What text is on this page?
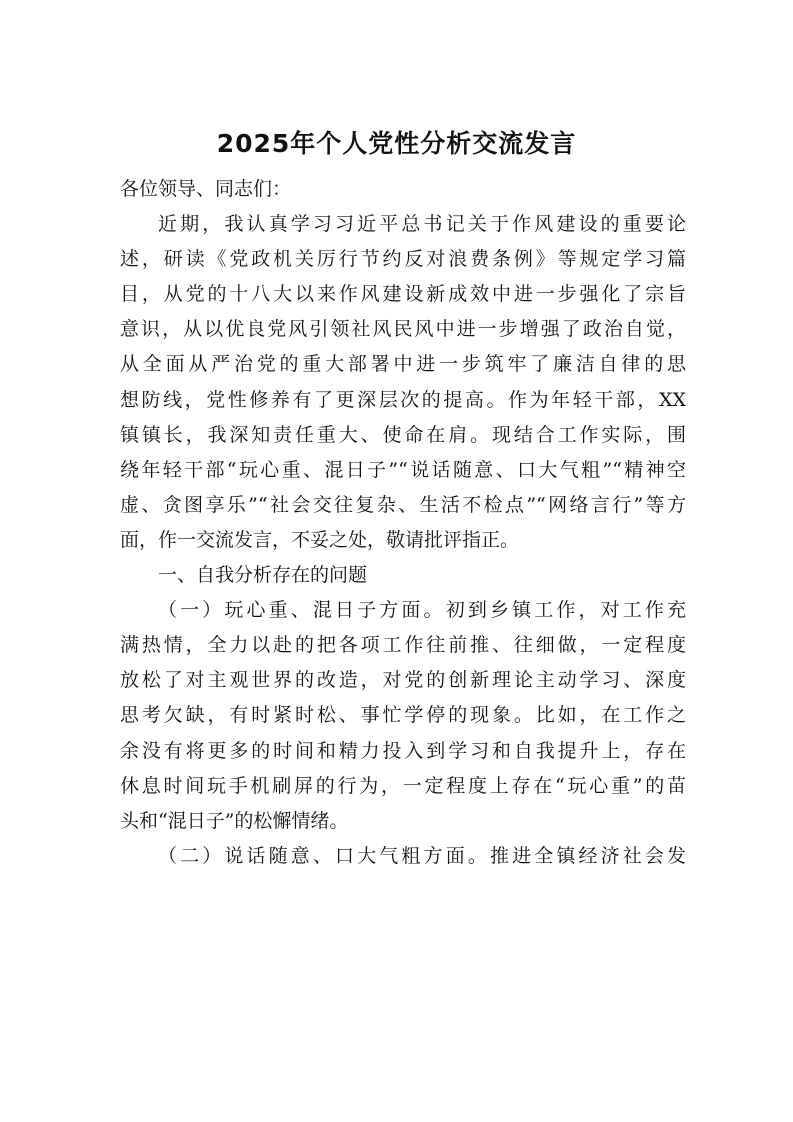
2025年个人党性分析交流发言
各位领导、同志们：
近期，我认真学习习近平总书记关于作风建设的重要论
述，研读《党政机关厉行节约反对浪费条例》等规定学习篇
目，从党的十八大以来作风建设新成效中进一步强化了宗旨
意识，从以优良党风引领社风民风中进一步增强了政治自觉，
从全面从严治党的重大部署中进一步筑牢了廉洁自律的思
想防线，党性修养有了更深层次的提高。作为年轻干部，XX
镇镇长，我深知责任重大、使命在肩。现结合工作实际，围
绕年轻干部“玩心重、混日子”“说话随意、口大气粗”“精神空
虚、贪图享乐”“社会交往复杂、生活不检点”“网络言行”等方
面，作一交流发言，不妥之处，敬请批评指正。
一、自我分析存在的问题
（一）玩心重、混日子方面。初到乡镇工作，对工作充
满热情，全力以赴的把各项工作往前推、往细做，一定程度
放松了对主观世界的改造，对党的创新理论主动学习、深度
思考欠缺，有时紧时松、事忙学停的现象。比如，在工作之
余没有将更多的时间和精力投入到学习和自我提升上，存在
休息时间玩手机刷屏的行为，一定程度上存在“玩心重”的苗
头和“混日子”的松懈情绪。
（二）说话随意、口大气粗方面。推进全镇经济社会发
